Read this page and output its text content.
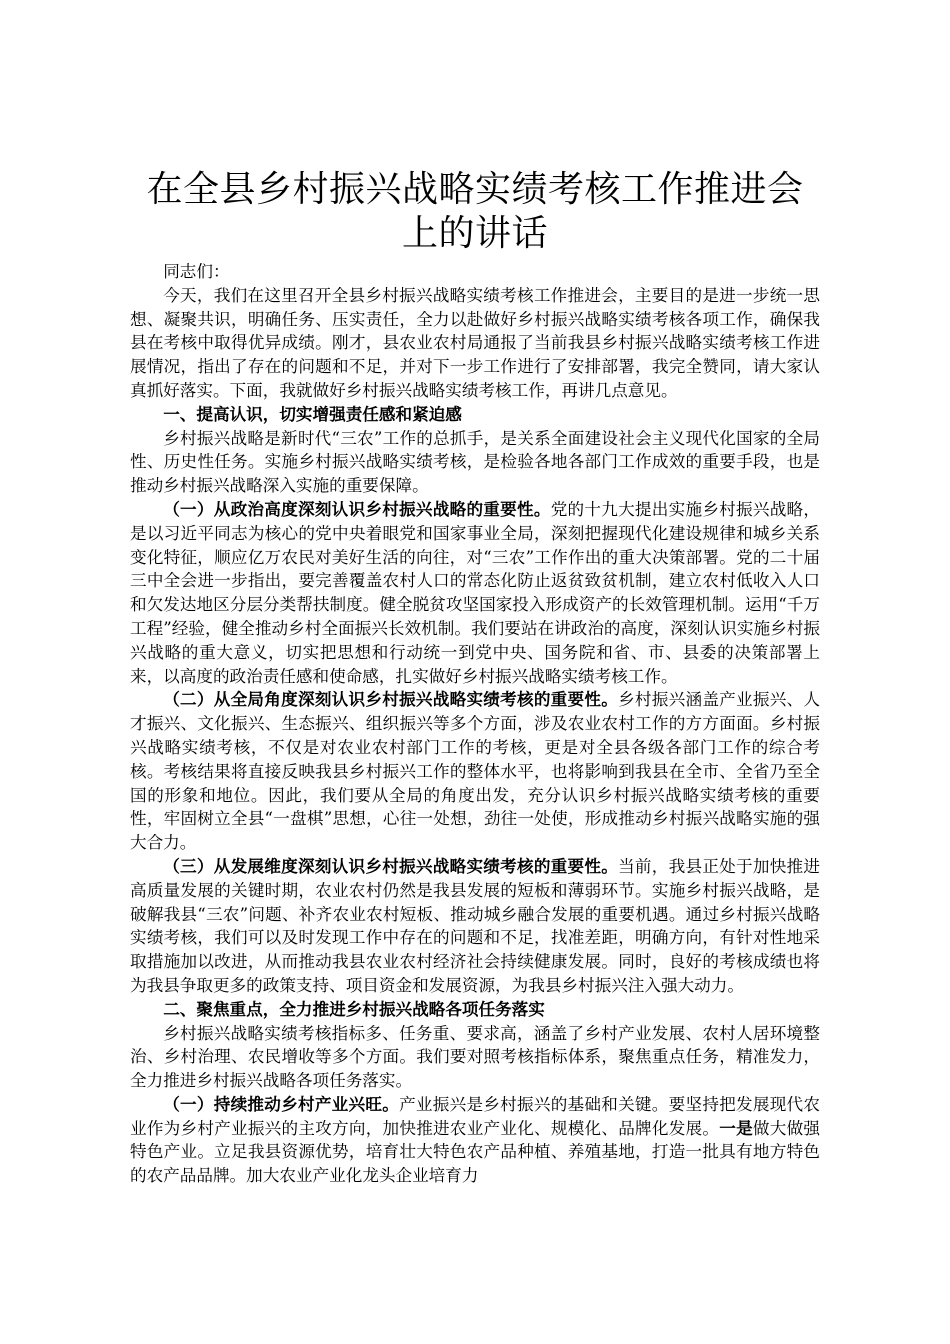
在全县乡村振兴战略实绩考核工作推进会上的讲话

同志们：

今天，我们在这里召开全县乡村振兴战略实绩考核工作推进会，主要目的是进一步统一思想、凝聚共识，明确任务、压实责任，全力以赴做好乡村振兴战略实绩考核各项工作，确保我县在考核中取得优异成绩。刚才，县农业农村局通报了当前我县乡村振兴战略实绩考核工作进展情况，指出了存在的问题和不足，并对下一步工作进行了安排部署，我完全赞同，请大家认真抓好落实。下面，我就做好乡村振兴战略实绩考核工作，再讲几点意见。

一、提高认识，切实增强责任感和紧迫感

乡村振兴战略是新时代“三农”工作的总抓手，是关系全面建设社会主义现代化国家的全局性、历史性任务。实施乡村振兴战略实绩考核，是检验各地各部门工作成效的重要手段，也是推动乡村振兴战略深入实施的重要保障。

（一）从政治高度深刻认识乡村振兴战略的重要性。党的十九大提出实施乡村振兴战略，是以习近平同志为核心的党中央着眼党和国家事业全局，深刻把握现代化建设规律和城乡关系变化特征，顺应亿万农民对美好生活的向往，对“三农”工作作出的重大决策部署。党的二十届三中全会进一步指出，要完善覆盖农村人口的常态化防止返贫致贫机制，建立农村低收入人口和欠发达地区分层分类帮扶制度。健全脱贫攻坚国家投入形成资产的长效管理机制。运用“千万工程”经验，健全推动乡村全面振兴长效机制。我们要站在讲政治的高度，深刻认识实施乡村振兴战略的重大意义，切实把思想和行动统一到党中央、国务院和省、市、县委的决策部署上来，以高度的政治责任感和使命感，扎实做好乡村振兴战略实绩考核工作。

（二）从全局角度深刻认识乡村振兴战略实绩考核的重要性。乡村振兴涵盖产业振兴、人才振兴、文化振兴、生态振兴、组织振兴等多个方面，涉及农业农村工作的方方面面。乡村振兴战略实绩考核，不仅是对农业农村部门工作的考核，更是对全县各级各部门工作的综合考核。考核结果将直接反映我县乡村振兴工作的整体水平，也将影响到我县在全市、全省乃至全国的形象和地位。因此，我们要从全局的角度出发，充分认识乡村振兴战略实绩考核的重要性，牢固树立全县“一盘棋”思想，心往一处想，劲往一处使，形成推动乡村振兴战略实施的强大合力。

（三）从发展维度深刻认识乡村振兴战略实绩考核的重要性。当前，我县正处于加快推进高质量发展的关键时期，农业农村仍然是我县发展的短板和薄弱环节。实施乡村振兴战略，是破解我县“三农”问题、补齐农业农村短板、推动城乡融合发展的重要机遇。通过乡村振兴战略实绩考核，我们可以及时发现工作中存在的问题和不足，找准差距，明确方向，有针对性地采取措施加以改进，从而推动我县农业农村经济社会持续健康发展。同时，良好的考核成绩也将为我县争取更多的政策支持、项目资金和发展资源，为我县乡村振兴注入强大动力。

二、聚焦重点，全力推进乡村振兴战略各项任务落实

乡村振兴战略实绩考核指标多、任务重、要求高，涵盖了乡村产业发展、农村人居环境整治、乡村治理、农民增收等多个方面。我们要对照考核指标体系，聚焦重点任务，精准发力，全力推进乡村振兴战略各项任务落实。

（一）持续推动乡村产业兴旺。产业振兴是乡村振兴的基础和关键。要坚持把发展现代农业作为乡村产业振兴的主攻方向，加快推进农业产业化、规模化、品牌化发展。一是做大做强特色产业。立足我县资源优势，培育壮大特色农产品种植、养殖基地，打造一批具有地方特色的农产品品牌。加大农业产业化龙头企业培育力
